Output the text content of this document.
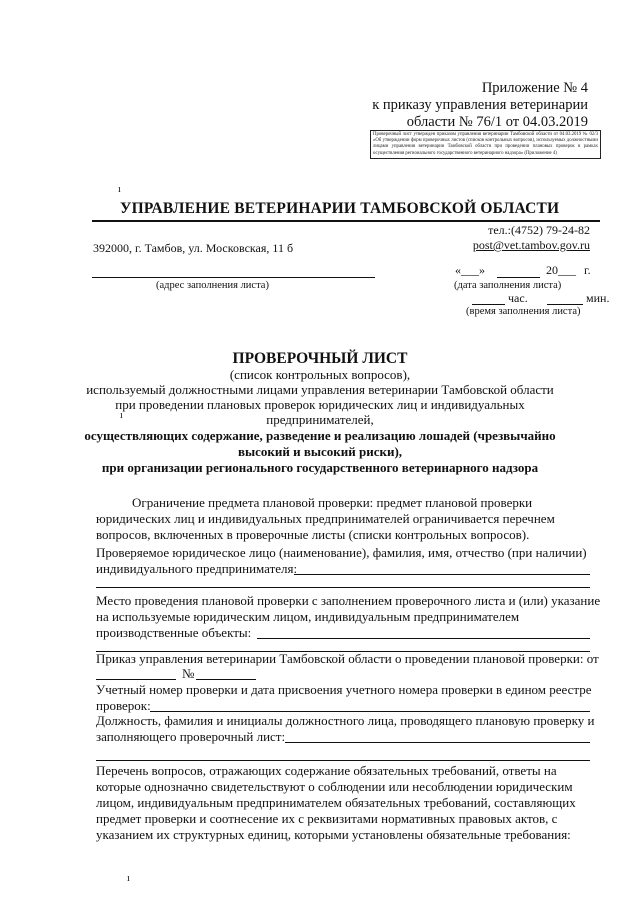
Приложение № 4
к приказу управления ветеринарии
области № 76/1 от 04.03.2019
Проверочный лист утвержден приказом управления ветеринарии Тамбовской области от 04.03.2019 № 02/3 «Об утверждении форм проверочных листов (списков контрольных вопросов), используемых должностными лицами управления ветеринарии Тамбовской области при проведении плановых проверок в рамках осуществления регионального государственного ветеринарного надзора» (Приложение 4)
ı
УПРАВЛЕНИЕ ВЕТЕРИНАРИИ ТАМБОВСКОЙ ОБЛАСТИ
тел.:(4752) 79-24-82
post@vet.tambov.gov.ru
392000, г. Тамбов, ул. Московская, 11 б
(адрес заполнения листа)
«___»	20___ г.
(дата заполнения листа)
час.	мин.
(время заполнения листа)
ПРОВЕРОЧНЫЙ ЛИСТ
(список контрольных вопросов),
используемый должностными лицами управления ветеринарии Тамбовской области
при проведении плановых проверок юридических лиц и индивидуальных
предпринимателей,
ı
осуществляющих содержание, разведение и реализацию лошадей (чрезвычайно
высокий и высокий риски),
при организации регионального государственного ветеринарного надзора
Ограничение предмета плановой проверки: предмет плановой проверки
юридических лиц и индивидуальных предпринимателей ограничивается перечнем
вопросов, включенных в проверочные листы (списки контрольных вопросов).
Проверяемое юридическое лицо (наименование), фамилия, имя, отчество (при наличии)
индивидуального предпринимателя:
Место проведения плановой проверки с заполнением проверочного листа и (или) указание
на используемые юридическим лицом, индивидуальным предпринимателем
производственные объекты:
Приказ управления ветеринарии Тамбовской области о проведении плановой проверки: от
№
Учетный номер проверки и дата присвоения учетного номера проверки в едином реестре
проверок:
Должность, фамилия и инициалы должностного лица, проводящего плановую проверку и
заполняющего проверочный лист:
Перечень вопросов, отражающих содержание обязательных требований, ответы на
которые однозначно свидетельствуют о соблюдении или несоблюдении юридическим
лицом, индивидуальным предпринимателем обязательных требований, составляющих
предмет проверки и соотнесение их с реквизитами нормативных правовых актов, с
указанием их структурных единиц, которыми установлены обязательные требования:
ı
